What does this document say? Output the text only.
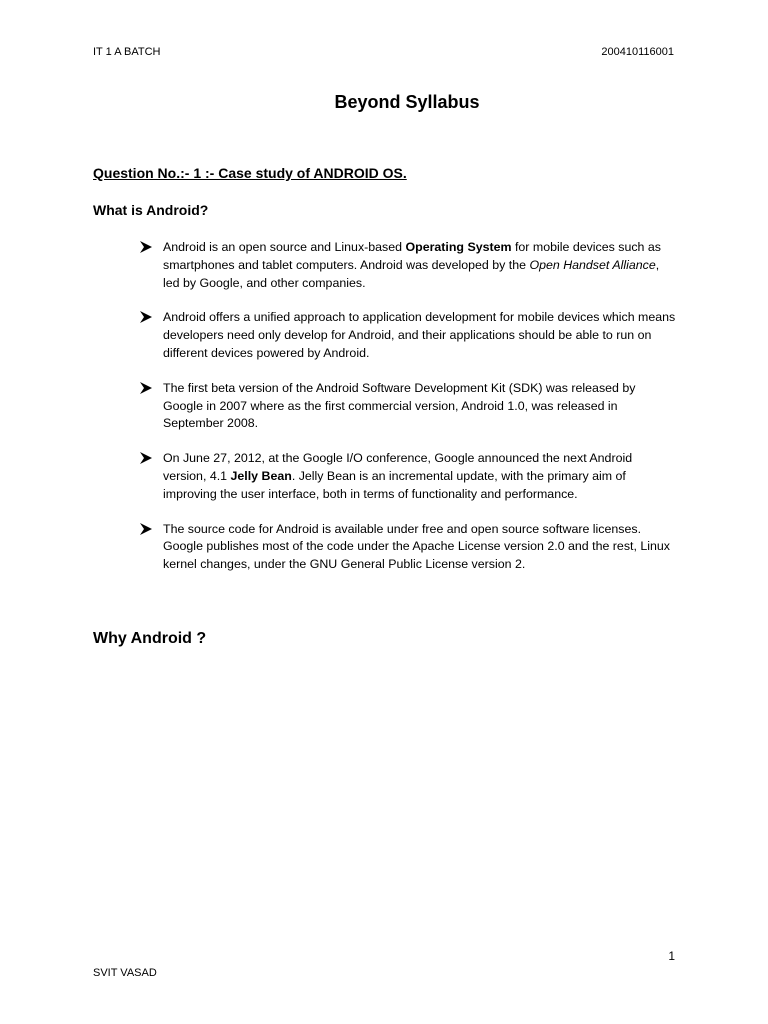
IT 1 A BATCH	200410116001
Beyond Syllabus
Question No.:- 1 :- Case study of ANDROID OS.
What is Android?
Android is an open source and Linux-based Operating System for mobile devices such as smartphones and tablet computers. Android was developed by the Open Handset Alliance, led by Google, and other companies.
Android offers a unified approach to application development for mobile devices which means developers need only develop for Android, and their applications should be able to run on different devices powered by Android.
The first beta version of the Android Software Development Kit (SDK) was released by Google in 2007 where as the first commercial version, Android 1.0, was released in September 2008.
On June 27, 2012, at the Google I/O conference, Google announced the next Android version, 4.1 Jelly Bean. Jelly Bean is an incremental update, with the primary aim of improving the user interface, both in terms of functionality and performance.
The source code for Android is available under free and open source software licenses. Google publishes most of the code under the Apache License version 2.0 and the rest, Linux kernel changes, under the GNU General Public License version 2.
Why Android ?
1
SVIT VASAD
